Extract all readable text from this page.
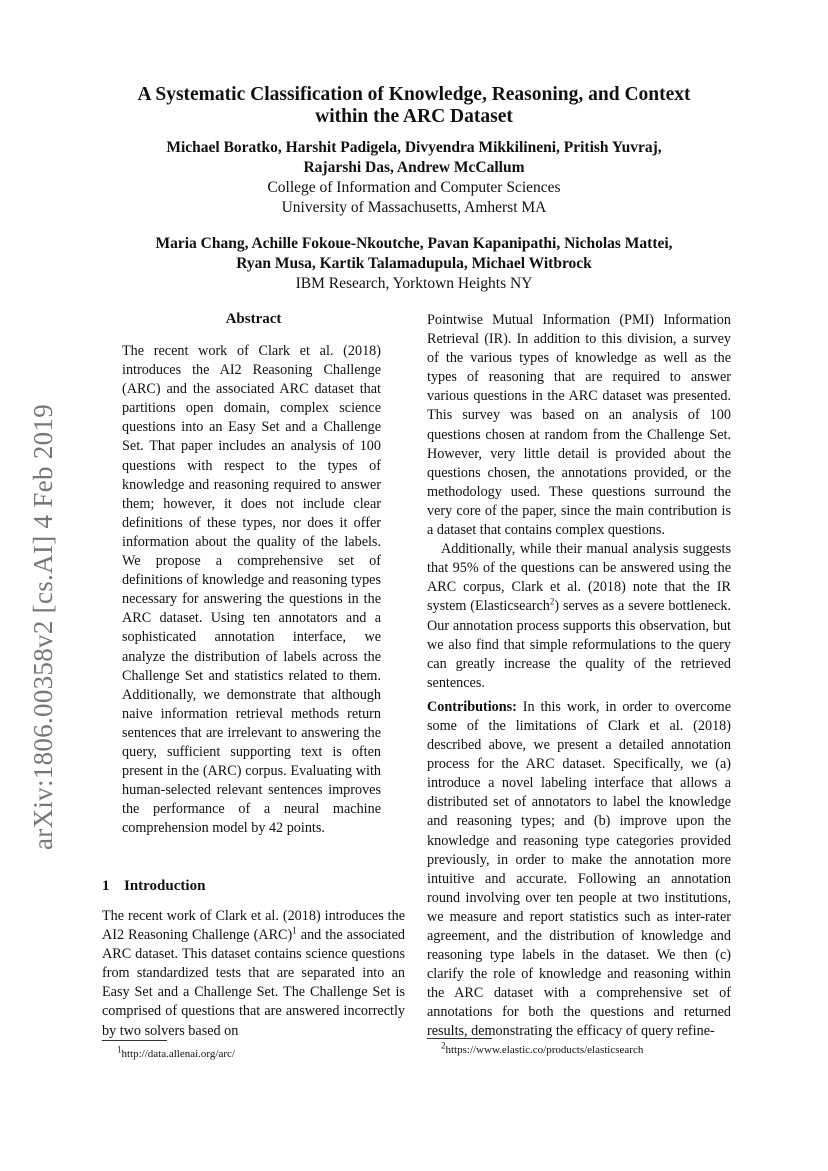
arXiv:1806.00358v2 [cs.AI] 4 Feb 2019
A Systematic Classification of Knowledge, Reasoning, and Context
within the ARC Dataset
Michael Boratko, Harshit Padigela, Divyendra Mikkilineni, Pritish Yuvraj,
Rajarshi Das, Andrew McCallum
College of Information and Computer Sciences
University of Massachusetts, Amherst MA
Maria Chang, Achille Fokoue-Nkoutche, Pavan Kapanipathi, Nicholas Mattei,
Ryan Musa, Kartik Talamadupula, Michael Witbrock
IBM Research, Yorktown Heights NY
Abstract

The recent work of Clark et al. (2018) introduces the AI2 Reasoning Challenge (ARC) and the associated ARC dataset that partitions open domain, complex science questions into an Easy Set and a Challenge Set. That paper includes an analysis of 100 questions with respect to the types of knowledge and reasoning required to answer them; however, it does not include clear definitions of these types, nor does it offer information about the quality of the labels. We propose a comprehensive set of definitions of knowledge and reasoning types necessary for answering the questions in the ARC dataset. Using ten annotators and a sophisticated annotation interface, we analyze the distribution of labels across the Challenge Set and statistics related to them. Additionally, we demonstrate that although naive information retrieval methods return sentences that are irrelevant to answering the query, sufficient supporting text is often present in the (ARC) corpus. Evaluating with human-selected relevant sentences improves the performance of a neural machine comprehension model by 42 points.

1 Introduction

The recent work of Clark et al. (2018) introduces the AI2 Reasoning Challenge (ARC)$^1$ and the associated ARC dataset. This dataset contains science questions from standardized tests that are separated into an Easy Set and a Challenge Set. The Challenge Set is comprised of questions that are answered incorrectly by two solvers based on

$^1$http://data.allenai.org/arc/

Pointwise Mutual Information (PMI) Information Retrieval (IR). In addition to this division, a survey of the various types of knowledge as well as the types of reasoning that are required to answer various questions in the ARC dataset was presented. This survey was based on an analysis of 100 questions chosen at random from the Challenge Set. However, very little detail is provided about the questions chosen, the annotations provided, or the methodology used. These questions surround the very core of the paper, since the main contribution is a dataset that contains complex questions.

Additionally, while their manual analysis suggests that 95% of the questions can be answered using the ARC corpus, Clark et al. (2018) note that the IR system (Elasticsearch$^2$) serves as a severe bottleneck. Our annotation process supports this observation, but we also find that simple reformulations to the query can greatly increase the quality of the retrieved sentences.

Contributions: In this work, in order to overcome some of the limitations of Clark et al. (2018) described above, we present a detailed annotation process for the ARC dataset. Specifically, we (a) introduce a novel labeling interface that allows a distributed set of annotators to label the knowledge and reasoning types; and (b) improve upon the knowledge and reasoning type categories provided previously, in order to make the annotation more intuitive and accurate. Following an annotation round involving over ten people at two institutions, we measure and report statistics such as inter-rater agreement, and the distribution of knowledge and reasoning type labels in the dataset. We then (c) clarify the role of knowledge and reasoning within the ARC dataset with a comprehensive set of annotations for both the questions and returned results, demonstrating the efficacy of query refine-

$^2$https://www.elastic.co/products/elasticsearch
